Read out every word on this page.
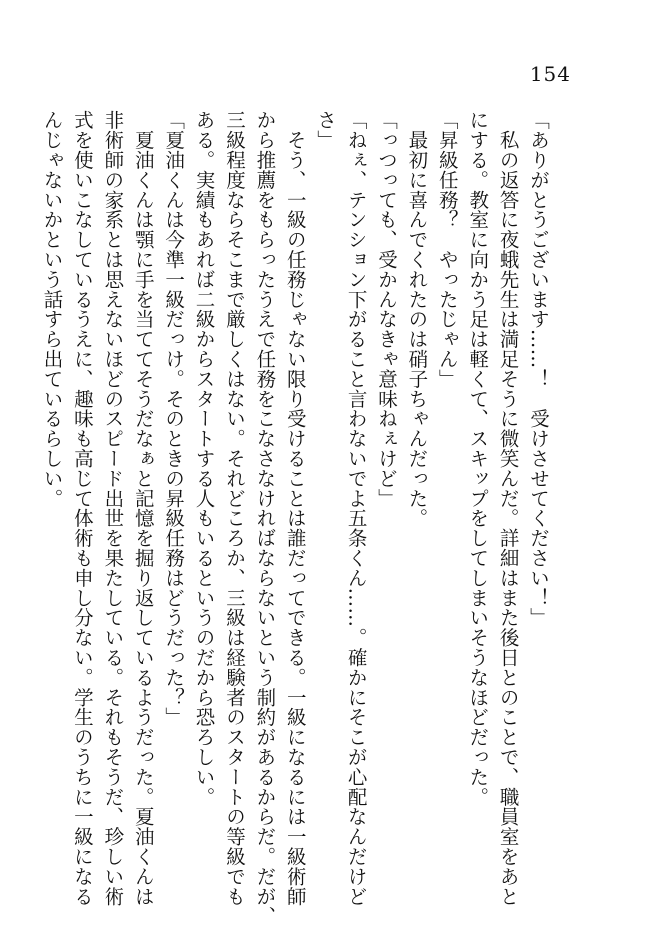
154
「ありがとうございます……！　受けさせてください！」
　私の返答に夜蛾先生は満足そうに微笑んだ。詳細はまた後日とのことで、職員室をあと
にする。教室に向かう足は軽くて、スキップをしてしまいそうなほどだった。
「昇級任務？　やったじゃん」
　最初に喜んでくれたのは硝子ちゃんだった。
「っつっても、受かんなきゃ意味ねぇけど」
「ねぇ、テンション下がること言わないでよ五条くん……。確かにそこが心配なんだけど
さ」
　そう、一級の任務じゃない限り受けることは誰だってできる。一級になるには一級術師
から推薦をもらったうえで任務をこなさなければならないという制約があるからだ。だが、
三級程度ならそこまで厳しくはない。それどころか、三級は経験者のスタートの等級でも
ある。実績もあれば二級からスタートする人もいるというのだから恐ろしい。
「夏油くんは今準一級だっけ。そのときの昇級任務はどうだった？」
　夏油くんは顎に手を当ててそうだなぁと記憶を掘り返しているようだった。夏油くんは
非術師の家系とは思えないほどのスピード出世を果たしている。それもそうだ、珍しい術
式を使いこなしているうえに、趣味も高じて体術も申し分ない。学生のうちに一級になる
んじゃないかという話すら出ているらしい。
